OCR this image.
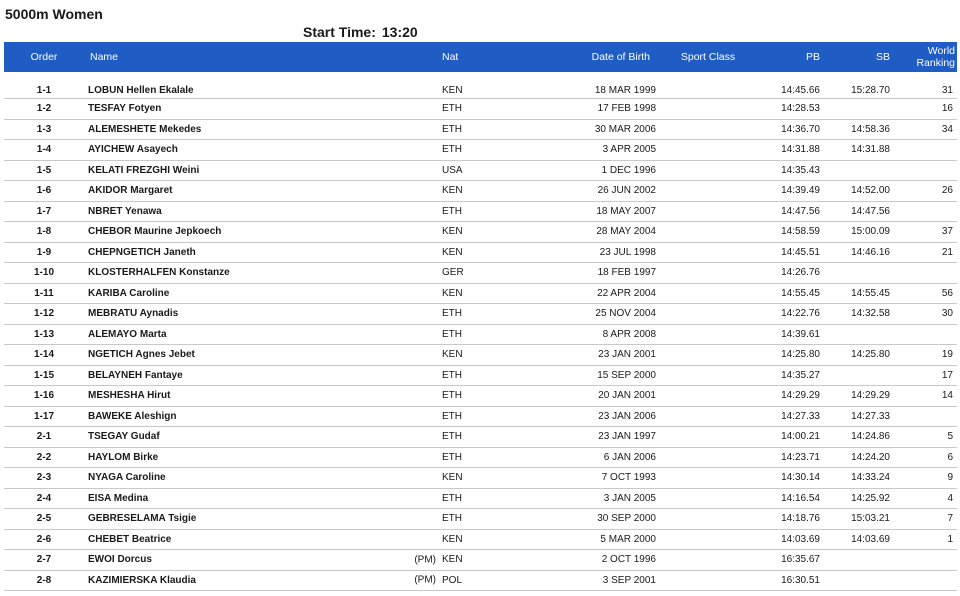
5000m Women
Start Time: 13:20
Order	Name	Nat	Date of Birth	Sport Class	PB	SB	World
Ranking
1-1	LOBUN Hellen Ekalale	KEN	18 MAR 1999		14:45.66	15:28.70	31
1-2	TESFAY Fotyen	ETH	17 FEB 1998		14:28.53		16
1-3	ALEMESHETE Mekedes	ETH	30 MAR 2006		14:36.70	14:58.36	34
1-4	AYICHEW Asayech	ETH	3 APR 2005		14:31.88	14:31.88	
1-5	KELATI FREZGHI Weini	USA	1 DEC 1996		14:35.43		
1-6	AKIDOR Margaret	KEN	26 JUN 2002		14:39.49	14:52.00	26
1-7	NBRET Yenawa	ETH	18 MAY 2007		14:47.56	14:47.56	
1-8	CHEBOR Maurine Jepkoech	KEN	28 MAY 2004		14:58.59	15:00.09	37
1-9	CHEPNGETICH Janeth	KEN	23 JUL 1998		14:45.51	14:46.16	21
1-10	KLOSTERHALFEN Konstanze	GER	18 FEB 1997		14:26.76		
1-11	KARIBA Caroline	KEN	22 APR 2004		14:55.45	14:55.45	56
1-12	MEBRATU Aynadis	ETH	25 NOV 2004		14:22.76	14:32.58	30
1-13	ALEMAYO Marta	ETH	8 APR 2008		14:39.61		
1-14	NGETICH Agnes Jebet	KEN	23 JAN 2001		14:25.80	14:25.80	19
1-15	BELAYNEH Fantaye	ETH	15 SEP 2000		14:35.27		17
1-16	MESHESHA Hirut	ETH	20 JAN 2001		14:29.29	14:29.29	14
1-17	BAWEKE Aleshign	ETH	23 JAN 2006		14:27.33	14:27.33	
2-1	TSEGAY Gudaf	ETH	23 JAN 1997		14:00.21	14:24.86	5
2-2	HAYLOM Birke	ETH	6 JAN 2006		14:23.71	14:24.20	6
2-3	NYAGA Caroline	KEN	7 OCT 1993		14:30.14	14:33.24	9
2-4	EISA Medina	ETH	3 JAN 2005		14:16.54	14:25.92	4
2-5	GEBRESELAMA Tsigie	ETH	30 SEP 2000		14:18.76	15:03.21	7
2-6	CHEBET Beatrice	KEN	5 MAR 2000		14:03.69	14:03.69	1
2-7	EWOI Dorcus (PM)	KEN	2 OCT 1996		16:35.67		
2-8	KAZIMIERSKA Klaudia (PM)	POL	3 SEP 2001		16:30.51		
